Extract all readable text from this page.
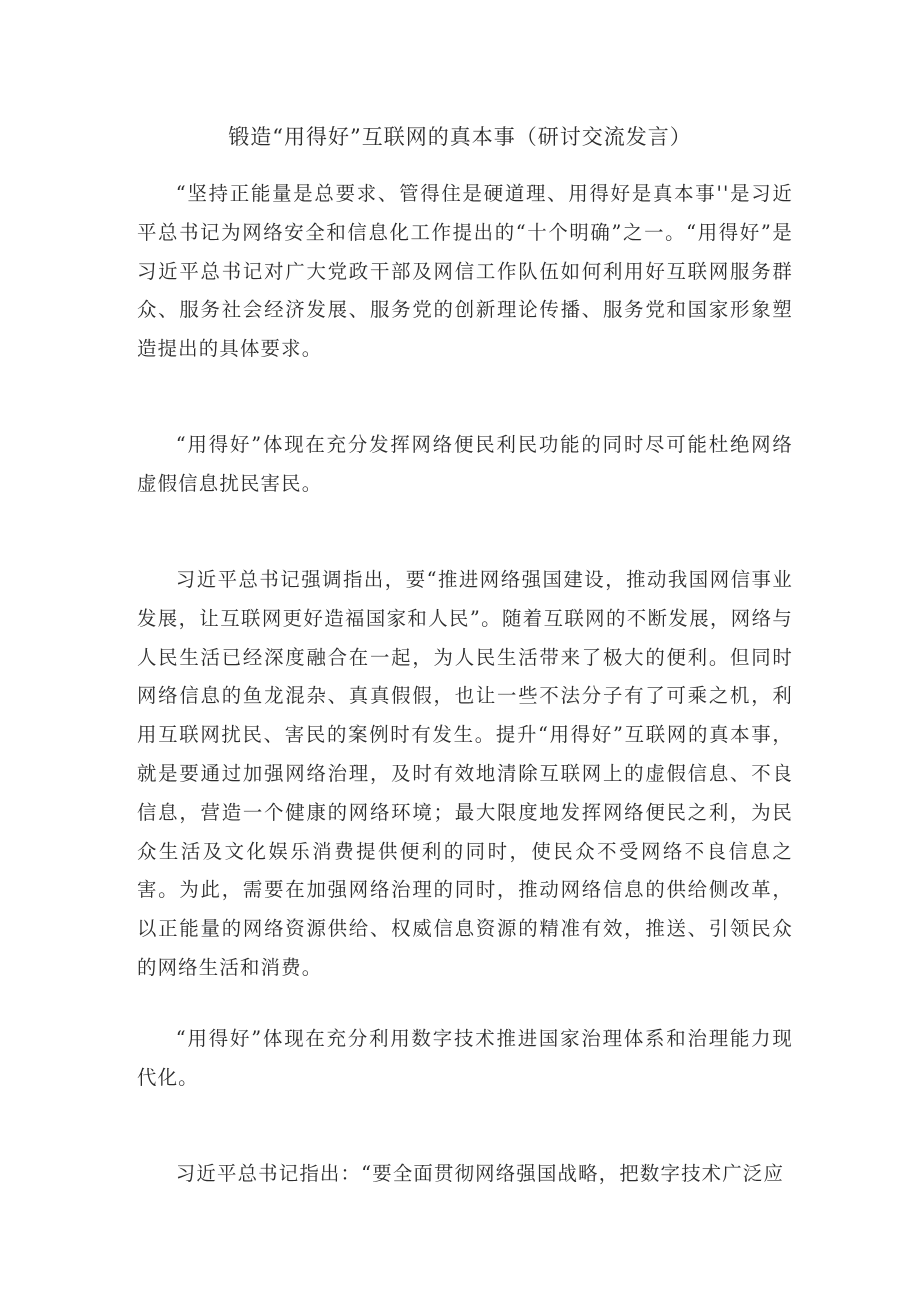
锻造“用得好”互联网的真本事（研讨交流发言）

“坚持正能量是总要求、管得住是硬道理、用得好是真本事''是习近平总书记为网络安全和信息化工作提出的“十个明确”之一。“用得好”是习近平总书记对广大党政干部及网信工作队伍如何利用好互联网服务群众、服务社会经济发展、服务党的创新理论传播、服务党和国家形象塑造提出的具体要求。

“用得好”体现在充分发挥网络便民利民功能的同时尽可能杜绝网络虚假信息扰民害民。

习近平总书记强调指出，要“推进网络强国建设，推动我国网信事业发展，让互联网更好造福国家和人民”。随着互联网的不断发展，网络与人民生活已经深度融合在一起，为人民生活带来了极大的便利。但同时网络信息的鱼龙混杂、真真假假，也让一些不法分子有了可乘之机，利用互联网扰民、害民的案例时有发生。提升“用得好”互联网的真本事，就是要通过加强网络治理，及时有效地清除互联网上的虚假信息、不良信息，营造一个健康的网络环境；最大限度地发挥网络便民之利，为民众生活及文化娱乐消费提供便利的同时，使民众不受网络不良信息之害。为此，需要在加强网络治理的同时，推动网络信息的供给侧改革，以正能量的网络资源供给、权威信息资源的精准有效，推送、引领民众的网络生活和消费。

“用得好”体现在充分利用数字技术推进国家治理体系和治理能力现代化。

习近平总书记指出：“要全面贯彻网络强国战略，把数字技术广泛应
